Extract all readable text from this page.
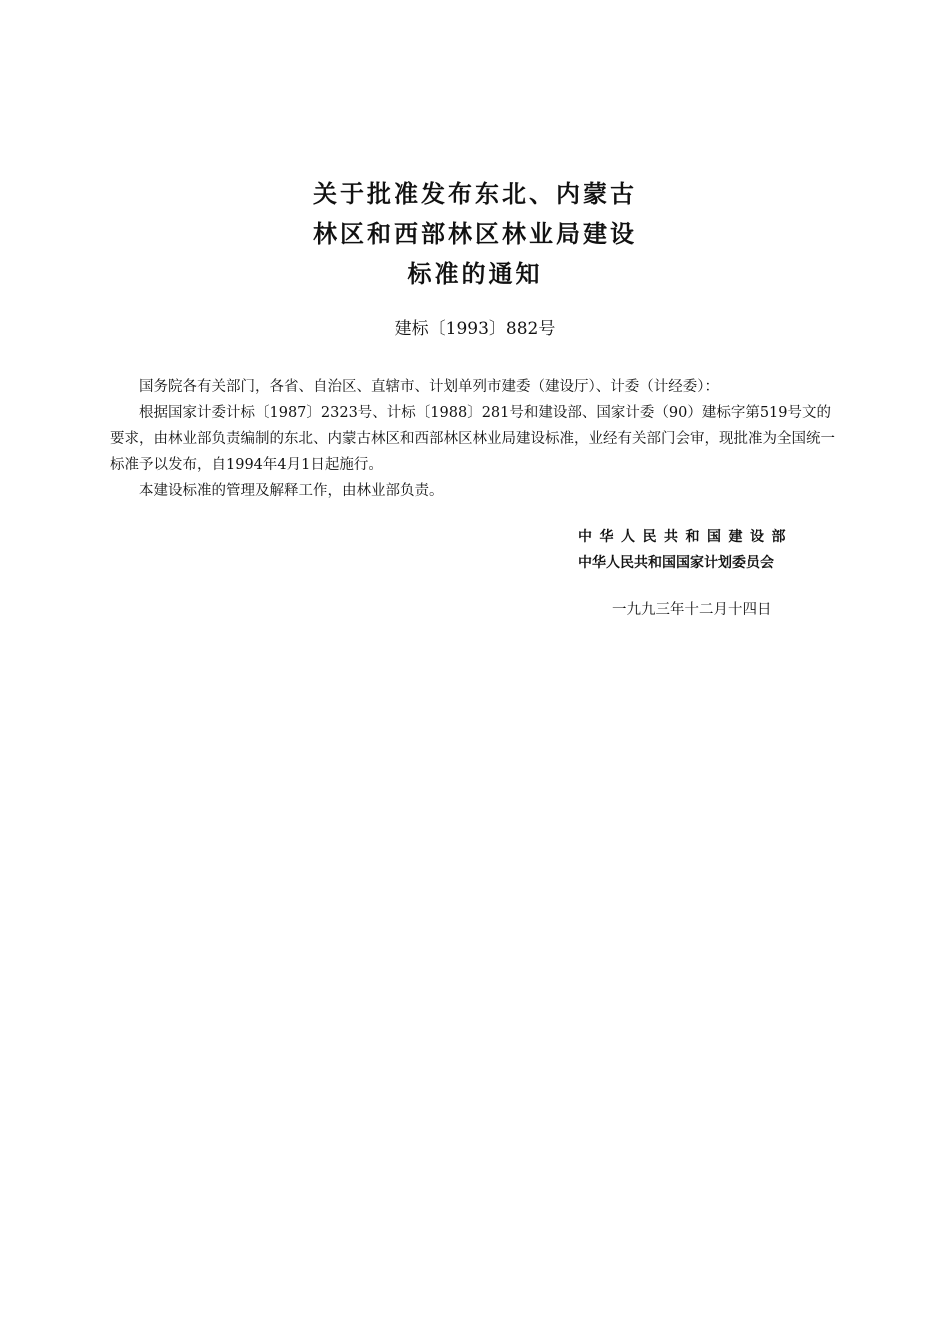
关于批准发布东北、内蒙古
林区和西部林区林业局建设
标准的通知
建标〔1993〕882号

国务院各有关部门，各省、自治区、直辖市、计划单列市建委（建设厅）、计委（计经委）：

根据国家计委计标〔1987〕2323号、计标〔1988〕281号和建设部、国家计委（90）建标字第519号文的要求，由林业部负责编制的东北、内蒙古林区和西部林区林业局建设标准，业经有关部门会审，现批准为全国统一标准予以发布，自1994年4月1日起施行。

本建设标准的管理及解释工作，由林业部负责。

中华人民共和国建设部
中华人民共和国国家计划委员会
一九九三年十二月十四日
